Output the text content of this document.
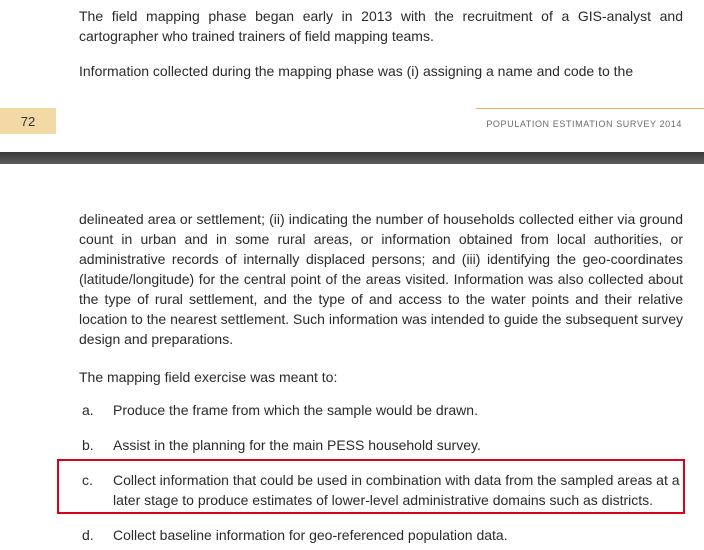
The field mapping phase began early in 2013 with the recruitment of a GIS-analyst and cartographer who trained trainers of field mapping teams.

Information collected during the mapping phase was (i) assigning a name and code to the

72	POPULATION ESTIMATION SURVEY 2014

delineated area or settlement; (ii) indicating the number of households collected either via ground count in urban and in some rural areas, or information obtained from local authorities, or administrative records of internally displaced persons; and (iii) identifying the geo-coordinates (latitude/longitude) for the central point of the areas visited. Information was also collected about the type of rural settlement, and the type of and access to the water points and their relative location to the nearest settlement. Such information was intended to guide the subsequent survey design and preparations.

The mapping field exercise was meant to:

a. Produce the frame from which the sample would be drawn.
b. Assist in the planning for the main PESS household survey.
c. Collect information that could be used in combination with data from the sampled areas at a later stage to produce estimates of lower-level administrative domains such as districts.
d. Collect baseline information for geo-referenced population data.
